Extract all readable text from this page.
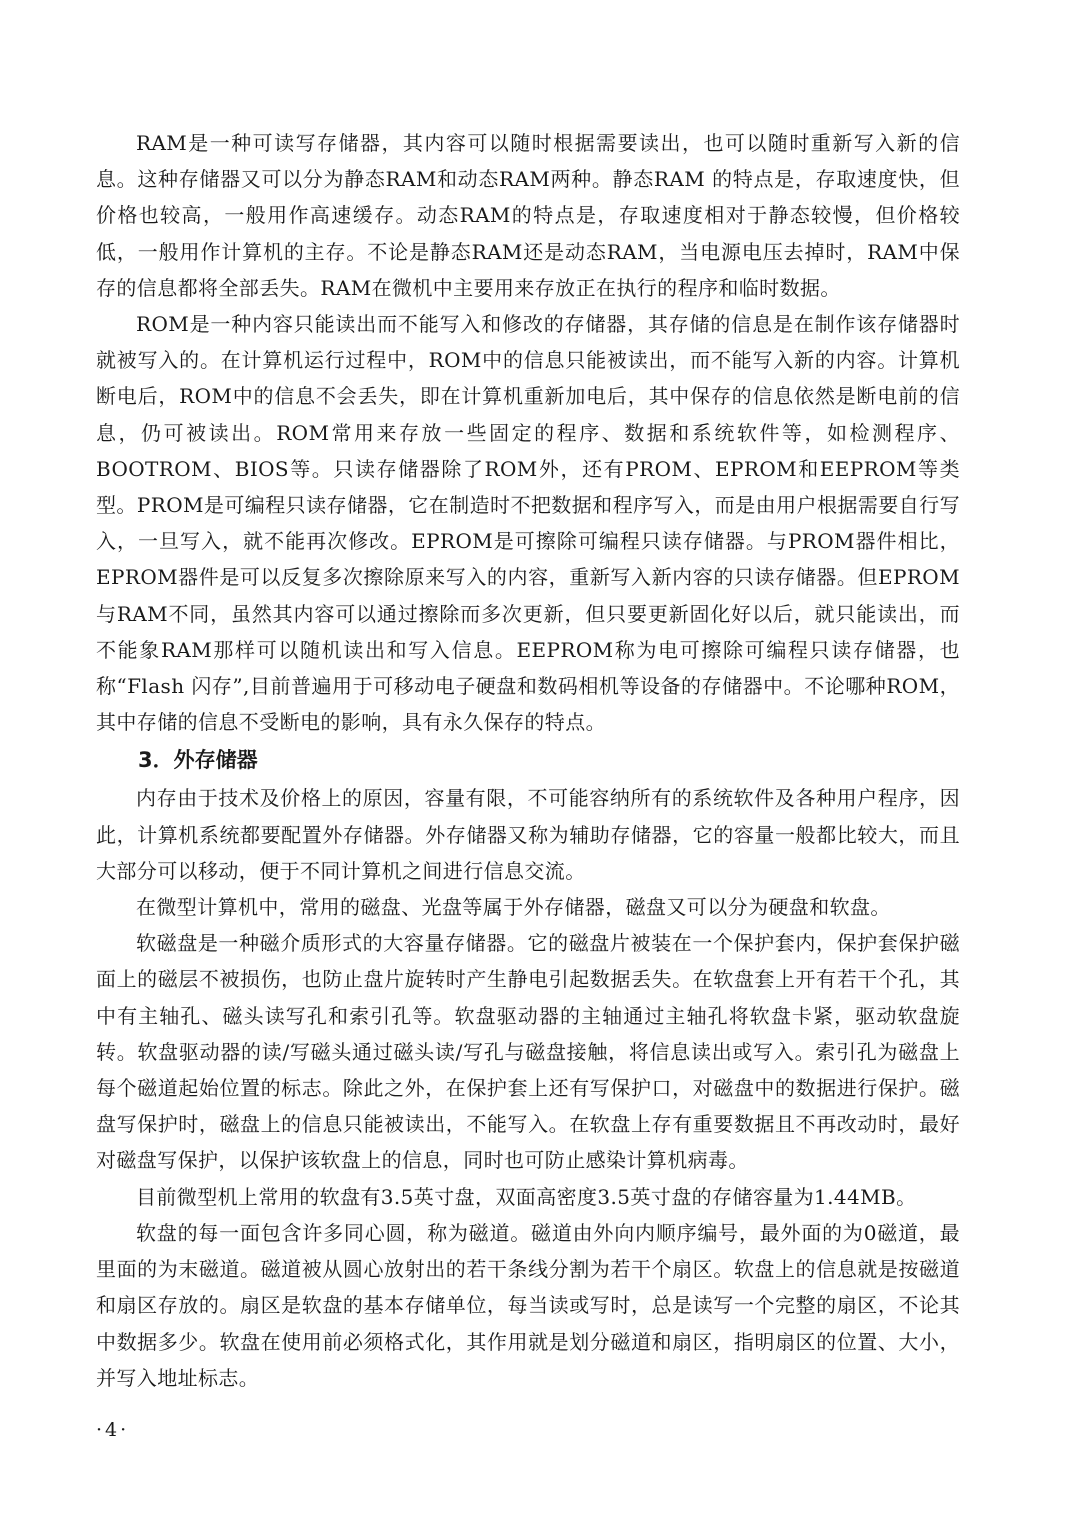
RAM是一种可读写存储器，其内容可以随时根据需要读出，也可以随时重新写入新的信息。这种存储器又可以分为静态RAM和动态RAM两种。静态RAM 的特点是，存取速度快，但价格也较高，一般用作高速缓存。动态RAM的特点是，存取速度相对于静态较慢，但价格较低，一般用作计算机的主存。不论是静态RAM还是动态RAM，当电源电压去掉时，RAM中保存的信息都将全部丢失。RAM在微机中主要用来存放正在执行的程序和临时数据。

ROM是一种内容只能读出而不能写入和修改的存储器，其存储的信息是在制作该存储器时就被写入的。在计算机运行过程中，ROM中的信息只能被读出，而不能写入新的内容。计算机断电后，ROM中的信息不会丢失，即在计算机重新加电后，其中保存的信息依然是断电前的信息，仍可被读出。ROM常用来存放一些固定的程序、数据和系统软件等，如检测程序、BOOTROM、BIOS等。只读存储器除了ROM外，还有PROM、EPROM和EEPROM等类型。PROM是可编程只读存储器，它在制造时不把数据和程序写入，而是由用户根据需要自行写入，一旦写入，就不能再次修改。EPROM是可擦除可编程只读存储器。与PROM器件相比，EPROM器件是可以反复多次擦除原来写入的内容，重新写入新内容的只读存储器。但EPROM与RAM不同，虽然其内容可以通过擦除而多次更新，但只要更新固化好以后，就只能读出，而不能象RAM那样可以随机读出和写入信息。EEPROM称为电可擦除可编程只读存储器，也称“Flash 闪存”,目前普遍用于可移动电子硬盘和数码相机等设备的存储器中。不论哪种ROM，其中存储的信息不受断电的影响，具有永久保存的特点。

3．外存储器

内存由于技术及价格上的原因，容量有限，不可能容纳所有的系统软件及各种用户程序，因此，计算机系统都要配置外存储器。外存储器又称为辅助存储器，它的容量一般都比较大，而且大部分可以移动，便于不同计算机之间进行信息交流。

在微型计算机中，常用的磁盘、光盘等属于外存储器，磁盘又可以分为硬盘和软盘。

软磁盘是一种磁介质形式的大容量存储器。它的磁盘片被装在一个保护套内，保护套保护磁面上的磁层不被损伤，也防止盘片旋转时产生静电引起数据丢失。在软盘套上开有若干个孔，其中有主轴孔、磁头读写孔和索引孔等。软盘驱动器的主轴通过主轴孔将软盘卡紧，驱动软盘旋转。软盘驱动器的读/写磁头通过磁头读/写孔与磁盘接触，将信息读出或写入。索引孔为磁盘上每个磁道起始位置的标志。除此之外，在保护套上还有写保护口，对磁盘中的数据进行保护。磁盘写保护时，磁盘上的信息只能被读出，不能写入。在软盘上存有重要数据且不再改动时，最好对磁盘写保护，以保护该软盘上的信息，同时也可防止感染计算机病毒。

目前微型机上常用的软盘有3.5英寸盘，双面高密度3.5英寸盘的存储容量为1.44MB。

软盘的每一面包含许多同心圆，称为磁道。磁道由外向内顺序编号，最外面的为0磁道，最里面的为末磁道。磁道被从圆心放射出的若干条线分割为若干个扇区。软盘上的信息就是按磁道和扇区存放的。扇区是软盘的基本存储单位，每当读或写时，总是读写一个完整的扇区，不论其中数据多少。软盘在使用前必须格式化，其作用就是划分磁道和扇区，指明扇区的位置、大小，并写入地址标志。

·4·
